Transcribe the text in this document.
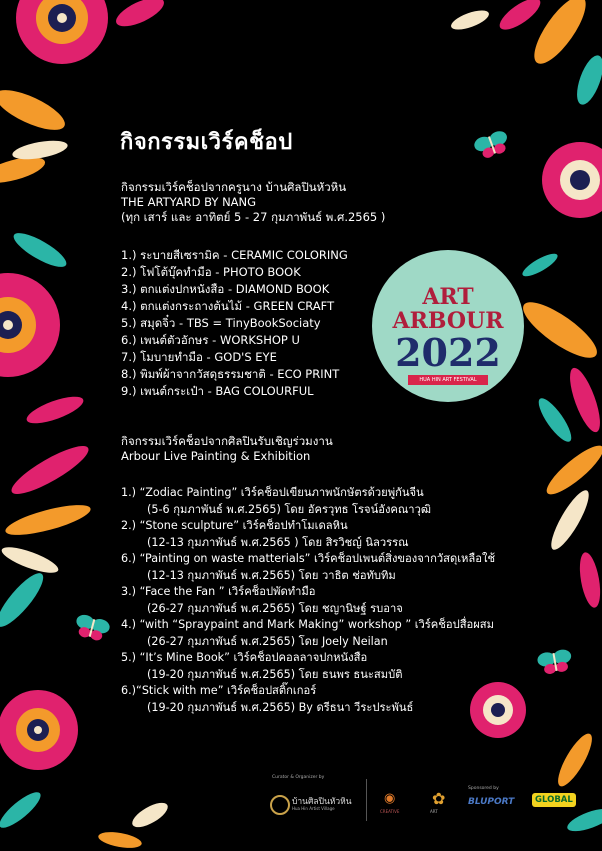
กิจกรรมเวิร์คช็อป
กิจกรรมเวิร์คช็อปจากครูนาง บ้านศิลปินหัวหิน
THE ARTYARD BY NANG
(ทุก เสาร์ และ อาทิตย์ 5 - 27 กุมภาพันธ์ พ.ศ.2565 )
1.) ระบายสีเซรามิค - CERAMIC COLORING
2.) โฟโต้บุ๊คทำมือ - PHOTO BOOK
3.) ตกแต่งปกหนังสือ - DIAMOND BOOK
4.) ตกแต่งกระถางต้นไม้ - GREEN CRAFT
5.) สมุดจิ๋ว - TBS = TinyBookSociaty
6.) เพนต์ตัวอักษร - WORKSHOP U
7.) โมบายทำมือ - GOD'S EYE
8.) พิมพ์ผ้าจากวัสดุธรรมชาติ - ECO PRINT
9.) เพนต์กระเป๋า - BAG COLOURFUL
ART
ARBOUR
2022
HUA HIN ART FESTIVAL
กิจกรรมเวิร์คช็อปจากศิลปินรับเชิญร่วมงาน
Arbour Live Painting & Exhibition
1.) “Zodiac Painting” เวิร์คช็อปเขียนภาพนักษัตรด้วยพู่กันจีน
(5-6 กุมภาพันธ์ พ.ศ.2565) โดย อัครวุทธ โรจน์อังคณาวุฒิ
2.) “Stone sculpture” เวิร์คช็อปทำโมเดลหิน
(12-13 กุมภาพันธ์ พ.ศ.2565 ) โดย สิรวิชญ์ นิลวรรณ
6.) “Painting on waste matterials” เวิร์คช็อปเพนต์สิ่งของจากวัสดุเหลือใช้
(12-13 กุมภาพันธ์ พ.ศ.2565) โดย วาธิต ช่อทับทิม
3.) “Face the Fan ” เวิร์คช็อปพัดทำมือ
(26-27 กุมภาพันธ์ พ.ศ.2565) โดย ชญานิษฐ์ รบอาจ
4.) “with “Spraypaint and Mark Making” workshop ” เวิร์คช็อปสื่อผสม
(26-27 กุมภาพันธ์ พ.ศ.2565) โดย Joely Neilan
5.) “It’s Mine Book” เวิร์คช็อปคอลลาจปกหนังสือ
(19-20 กุมภาพันธ์ พ.ศ.2565) โดย ธนพร ธนะสมบัติ
6.)“Stick with me” เวิร์คช็อปสติ๊กเกอร์
(19-20 กุมภาพันธ์ พ.ศ.2565) By ดรีธนา วีระประพันธ์
Curator & Organizer by
บ้านศิลปินหัวหิน
Hua Hin Artist Village
◉
CREATIVE
✿
ART
Sponsored by
BLUPORT	GLOBAL
